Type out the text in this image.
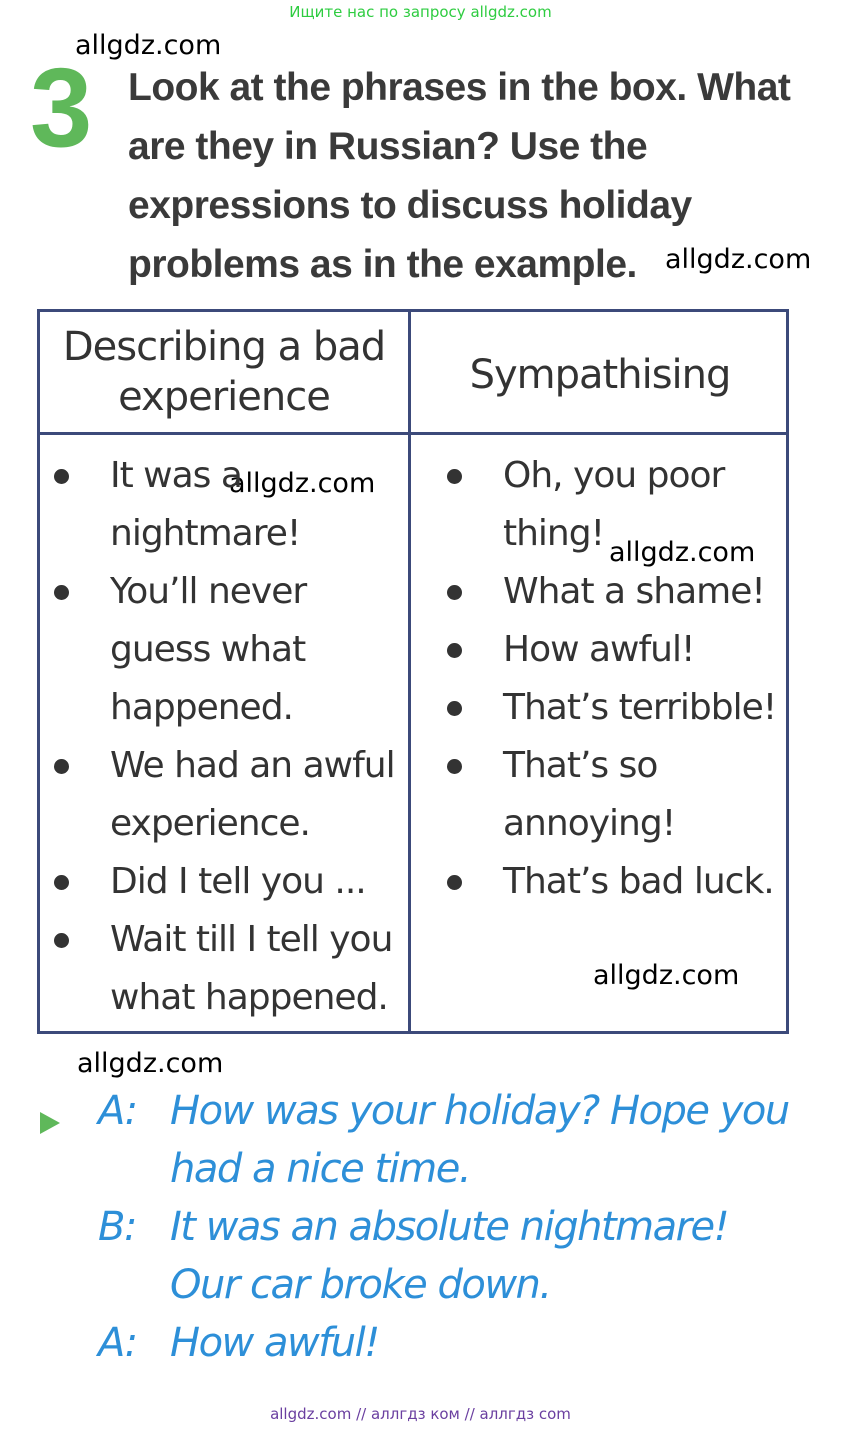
Ищите нас по запросу allgdz.com
allgdz.com
allgdz.com
allgdz.com
allgdz.com
allgdz.com
allgdz.com
3 Look at the phrases in the box. What are they in Russian? Use the expressions to discuss holiday problems as in the example.
Describing a bad experience	Sympathising
It was a nightmare!
You’ll never guess what happened.
We had an awful experience.
Did I tell you ...
Wait till I tell you what happened.
Oh, you poor thing!
What a shame!
How awful!
That’s terribble!
That’s so annoying!
That’s bad luck.
A: How was your holiday? Hope you
had a nice time.
B: It was an absolute nightmare!
Our car broke down.
A: How awful!
allgdz.com // аллгдз ком // аллгдз com
